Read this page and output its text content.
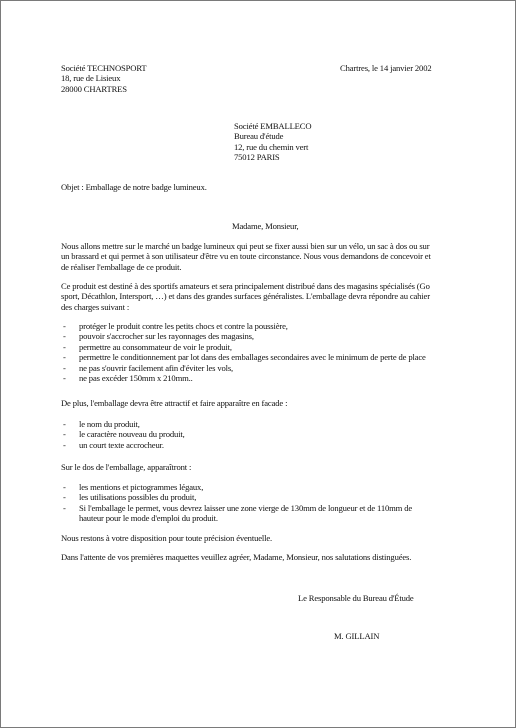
Société TECHNOSPORT
18, rue de Lisieux
28000 CHARTRES
Chartres, le 14 janvier 2002
Société EMBALLECO
Bureau d'étude
12, rue du chemin vert
75012 PARIS
Objet : Emballage de notre badge lumineux.
Madame, Monsieur,
Nous allons mettre sur le marché un badge lumineux qui peut se fixer aussi bien sur un vélo, un sac à dos ou sur
un brassard et qui permet à son utilisateur d'être vu en toute circonstance. Nous vous demandons de concevoir et
de réaliser l'emballage de ce produit.
Ce produit est destiné à des sportifs amateurs et sera principalement distribué dans des magasins spécialisés (Go
sport, Décathlon, Intersport, …) et dans des grandes surfaces généralistes. L'emballage devra répondre au cahier
des charges suivant :
- protéger le produit contre les petits chocs et contre la poussière,
- pouvoir s'accrocher sur les rayonnages des magasins,
- permettre au consommateur de voir le produit,
- permettre le conditionnement par lot dans des emballages secondaires avec le minimum de perte de place
- ne pas s'ouvrir facilement afin d'éviter les vols,
- ne pas excéder 150mm x 210mm..
De plus, l'emballage devra être attractif et faire apparaître en facade :
- le nom du produit,
- le caractère nouveau du produit,
- un court texte accrocheur.
Sur le dos de l'emballage, apparaîtront :
- les mentions et pictogrammes légaux,
- les utilisations possibles du produit,
- Si l'emballage le permet, vous devrez laisser une zone vierge de 130mm de longueur et de 110mm de
hauteur pour le mode d'emploi du produit.
Nous restons à votre disposition pour toute précision éventuelle.
Dans l'attente de vos premières maquettes veuillez agréer, Madame, Monsieur, nos salutations distinguées.
Le Responsable du Bureau d'Étude
M. GILLAIN
